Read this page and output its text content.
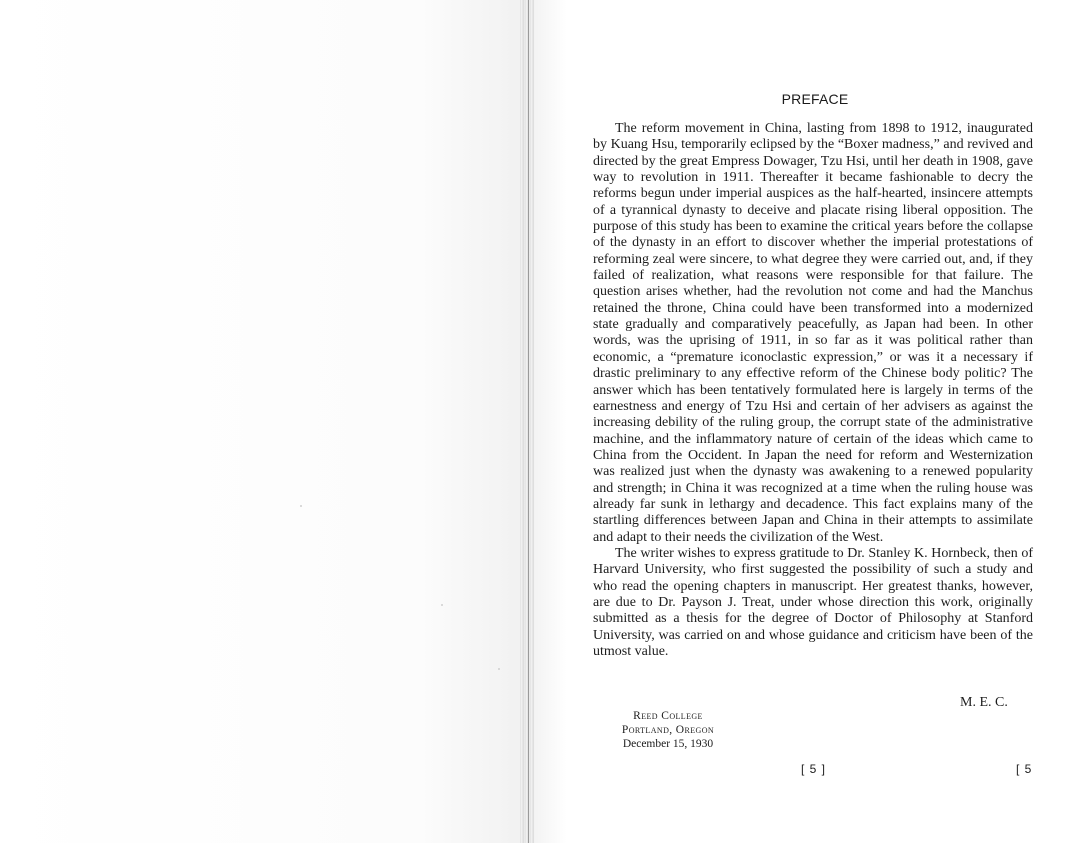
PREFACE

The reform movement in China, lasting from 1898 to 1912, inaugurated by Kuang Hsu, temporarily eclipsed by the “Boxer madness,” and revived and directed by the great Empress Dowager, Tzu Hsi, until her death in 1908, gave way to revolution in 1911. Thereafter it became fashionable to decry the reforms begun under imperial auspices as the half-hearted, insincere attempts of a tyrannical dynasty to deceive and placate rising liberal opposition. The purpose of this study has been to examine the critical years before the collapse of the dynasty in an effort to discover whether the imperial protestations of reforming zeal were sincere, to what degree they were carried out, and, if they failed of realization, what reasons were responsible for that failure. The question arises whether, had the revolution not come and had the Manchus retained the throne, China could have been transformed into a modernized state gradually and comparatively peacefully, as Japan had been. In other words, was the uprising of 1911, in so far as it was political rather than economic, a “premature iconoclastic expression,” or was it a necessary if drastic preliminary to any effective reform of the Chinese body politic? The answer which has been tentatively formulated here is largely in terms of the earnestness and energy of Tzu Hsi and certain of her advisers as against the increasing debility of the ruling group, the corrupt state of the administrative machine, and the inflammatory nature of certain of the ideas which came to China from the Occident. In Japan the need for reform and Westernization was realized just when the dynasty was awakening to a renewed popularity and strength; in China it was recognized at a time when the ruling house was already far sunk in lethargy and decadence. This fact explains many of the startling differences between Japan and China in their attempts to assimilate and adapt to their needs the civilization of the West.

The writer wishes to express gratitude to Dr. Stanley K. Hornbeck, then of Harvard University, who first suggested the possibility of such a study and who read the opening chapters in manuscript. Her greatest thanks, however, are due to Dr. Payson J. Treat, under whose direction this work, originally submitted as a thesis for the degree of Doctor of Philosophy at Stanford University, was carried on and whose guidance and criticism have been of the utmost value.

M. E. C.
Reed College
Portland, Oregon
December 15, 1930
[ 5 ]	[ 5
